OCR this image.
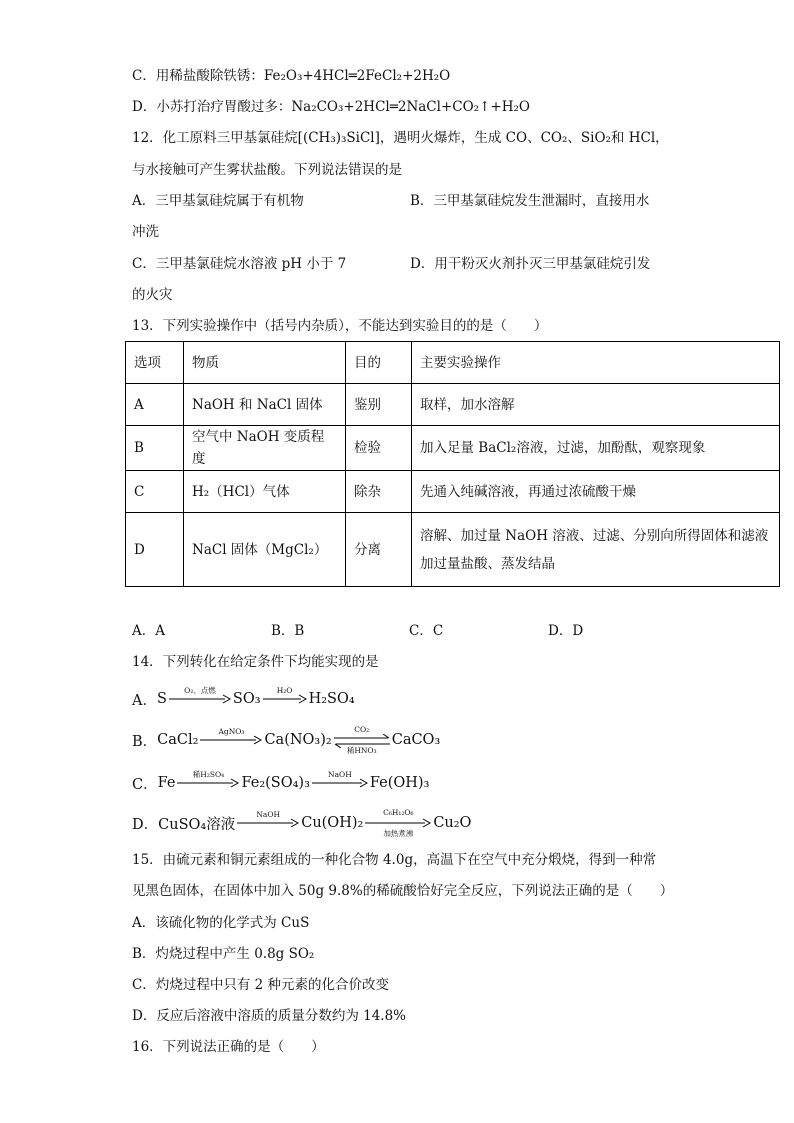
C．用稀盐酸除铁锈：Fe₂O₃+4HCl═2FeCl₂+2H₂O
D．小苏打治疗胃酸过多：Na₂CO₃+2HCl═2NaCl+CO₂↑+H₂O
12．化工原料三甲基氯硅烷[(CH₃)₃SiCl]，遇明火爆炸，生成 CO、CO₂、SiO₂和 HCl，
与水接触可产生雾状盐酸。下列说法错误的是
A．三甲基氯硅烷属于有机物	B．三甲基氯硅烷发生泄漏时，直接用水
冲洗
C．三甲基氯硅烷水溶液 pH 小于 7	D．用干粉灭火剂扑灭三甲基氯硅烷引发
的火灾
13．下列实验操作中（括号内杂质），不能达到实验目的的是（　　）
选项	物质	目的	主要实验操作
A	NaOH 和 NaCl 固体	鉴别	取样，加水溶解
B	空气中 NaOH 变质程度	检验	加入足量 BaCl₂溶液，过滤，加酚酞，观察现象
C	H₂（HCl）气体	除杂	先通入纯碱溶液，再通过浓硫酸干燥
D	NaCl 固体（MgCl₂）	分离	溶解、加过量 NaOH 溶液、过滤、分别向所得固体和滤液加过量盐酸、蒸发结晶
A．A	B．B	C．C	D．D
14．下列转化在给定条件下均能实现的是
A． S
O₂、点燃
SO₃
H₂O
H₂SO₄
B． CaCl₂
AgNO₃
Ca(NO₃)₂
CO₂
稀HNO₃
CaCO₃
C． Fe
稀H₂SO₄
Fe₂(SO₄)₃
NaOH
Fe(OH)₃
D． CuSO₄溶液
NaOH
Cu(OH)₂
C₆H₁₂O₆
加热煮沸
Cu₂O
15．由硫元素和铜元素组成的一种化合物 4.0g，高温下在空气中充分煅烧，得到一种常
见黑色固体，在固体中加入 50g 9.8%的稀硫酸恰好完全反应，下列说法正确的是（　　）
A．该硫化物的化学式为 CuS
B．灼烧过程中产生 0.8g SO₂
C．灼烧过程中只有 2 种元素的化合价改变
D．反应后溶液中溶质的质量分数约为 14.8%
16．下列说法正确的是（　　）
